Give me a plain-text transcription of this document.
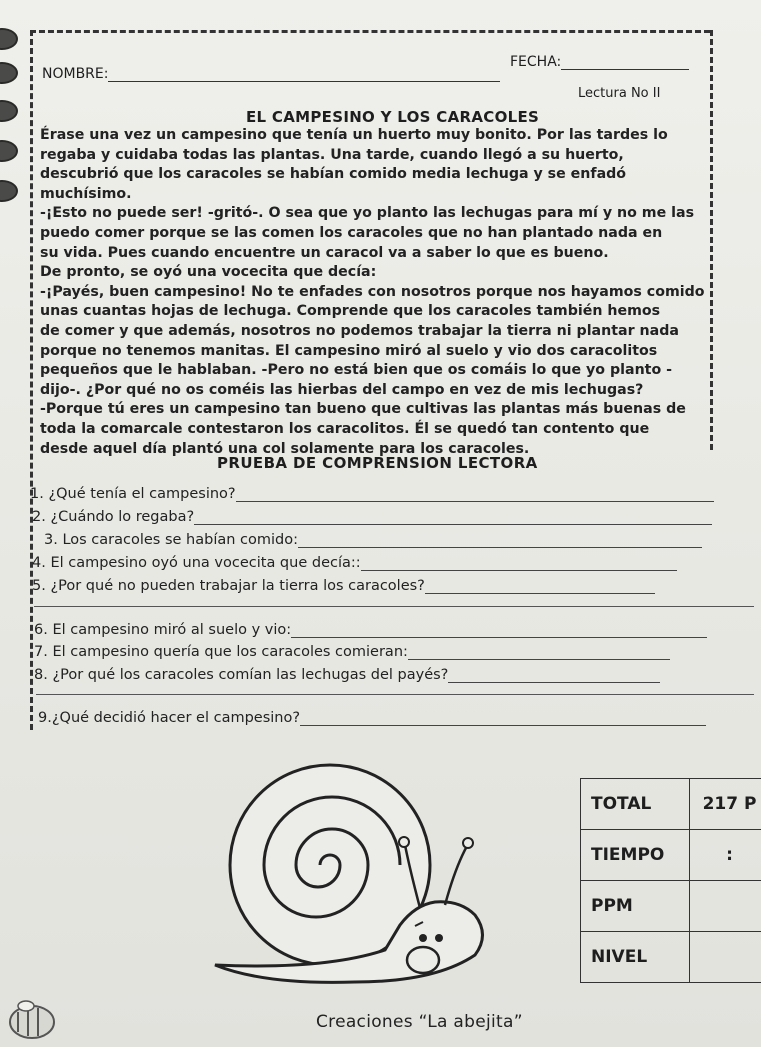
NOMBRE:
FECHA:
Lectura No II
EL CAMPESINO Y LOS CARACOLES

Érase una vez un campesino que tenía un huerto muy bonito. Por las tardes lo

regaba y cuidaba todas las plantas. Una tarde, cuando llegó a su huerto,

descubrió que los caracoles se habían comido media lechuga y se enfadó

muchísimo.

-¡Esto no puede ser! -gritó-. O sea que yo planto las lechugas para mí y no me las

puedo comer porque se las comen los caracoles que no han plantado nada en

su vida. Pues cuando encuentre un caracol va a saber lo que es bueno.

De pronto, se oyó una vocecita que decía:

-¡Payés, buen campesino! No te enfades con nosotros porque nos hayamos comido

unas cuantas hojas de lechuga. Comprende que los caracoles también hemos

de comer y que además, nosotros no podemos trabajar la tierra ni plantar nada

porque no tenemos manitas. El campesino miró al suelo y vio dos caracolitos

pequeños que le hablaban. -Pero no está bien que os comáis lo que yo planto -

dijo-. ¿Por qué no os coméis las hierbas del campo en vez de mis lechugas?

-Porque tú eres un campesino tan bueno que cultivas las plantas más buenas de

toda la comarcale contestaron los caracolitos. Él se quedó tan contento que

desde aquel día plantó una col solamente para los caracoles.

PRUEBA DE COMPRENSION LECTORA
1. ¿Qué tenía el campesino?
2. ¿Cuándo lo regaba?
3. Los caracoles se habían comido:
4. El campesino oyó una vocecita que decía::
5. ¿Por qué no pueden trabajar la tierra los caracoles?
6. El campesino miró al suelo y vio:
7. El campesino quería que los caracoles comieran:
8. ¿Por qué los caracoles comían las lechugas del payés?
9.¿Qué decidió hacer el campesino?
TOTAL	217 P
TIEMPO	:
PPM	
NIVEL	
Creaciones “La abejita”
